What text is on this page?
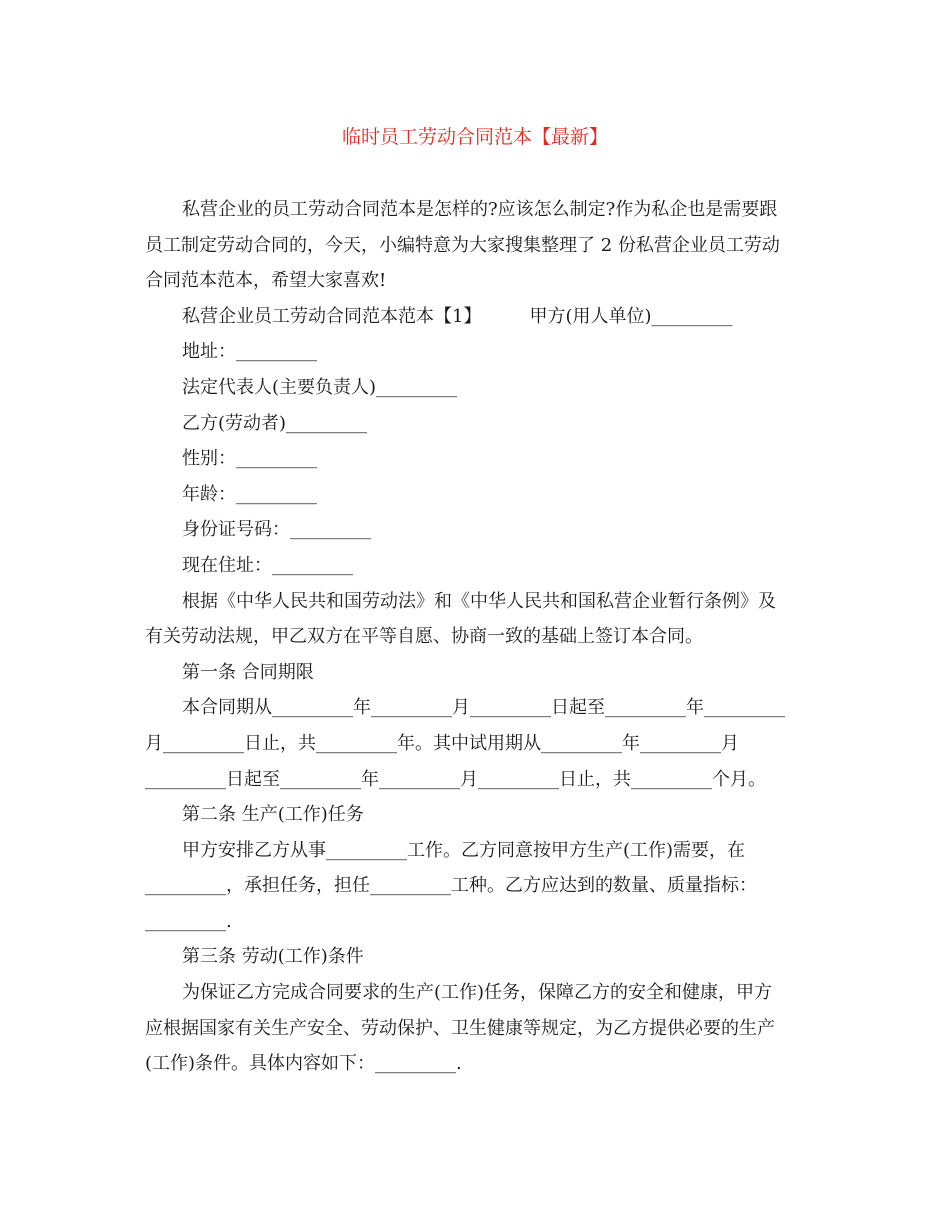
临时员工劳动合同范本【最新】
私营企业的员工劳动合同范本是怎样的?应该怎么制定?作为私企也是需要跟
员工制定劳动合同的，今天，小编特意为大家搜集整理了 2 份私营企业员工劳动
合同范本范本，希望大家喜欢!
私营企业员工劳动合同范本范本【1】	甲方(用人单位)_________
地址：_________
法定代表人(主要负责人)_________
乙方(劳动者)_________
性别：_________
年龄：_________
身份证号码：_________
现在住址：_________
根据《中华人民共和国劳动法》和《中华人民共和国私营企业暂行条例》及
有关劳动法规，甲乙双方在平等自愿、协商一致的基础上签订本合同。
第一条 合同期限
本合同期从_________年_________月_________日起至_________年_________
月_________日止，共_________年。其中试用期从_________年_________月
_________日起至_________年_________月_________日止，共_________个月。
第二条 生产(工作)任务
甲方安排乙方从事_________工作。乙方同意按甲方生产(工作)需要，在
_________，承担任务，担任_________工种。乙方应达到的数量、质量指标：
_________.
第三条 劳动(工作)条件
为保证乙方完成合同要求的生产(工作)任务，保障乙方的安全和健康，甲方
应根据国家有关生产安全、劳动保护、卫生健康等规定，为乙方提供必要的生产
(工作)条件。具体内容如下：_________.
